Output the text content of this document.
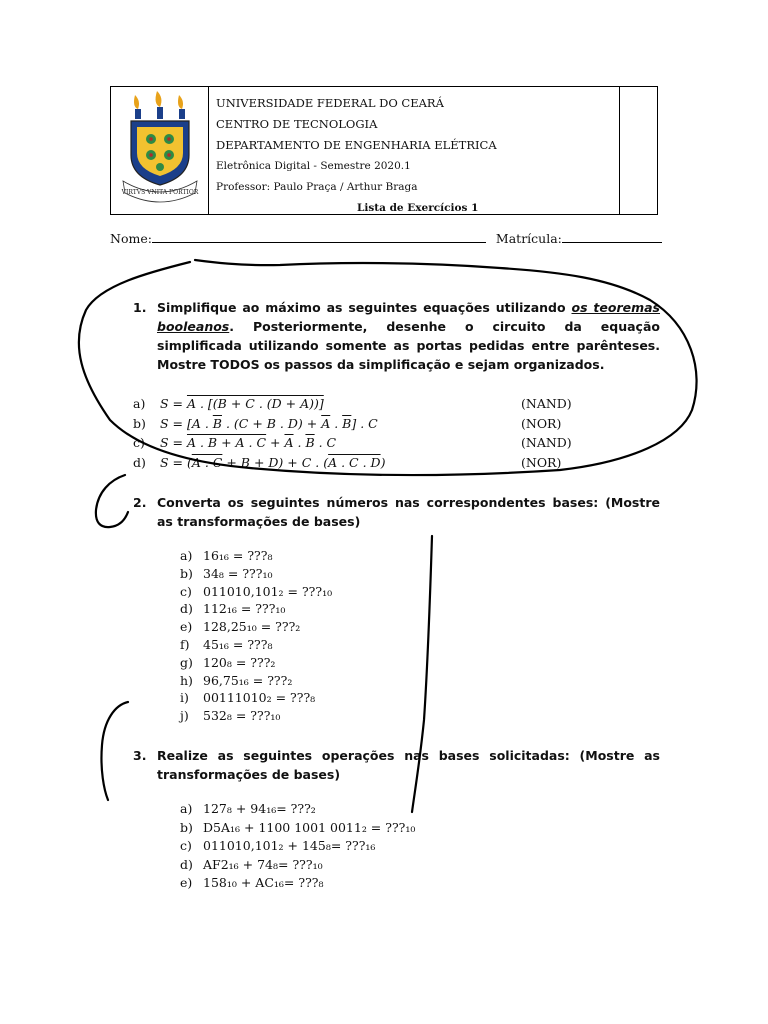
VIRTVS VNITA FORTIOR
UNIVERSIDADE FEDERAL DO CEARÁ
CENTRO DE TECNOLOGIA
DEPARTAMENTO DE ENGENHARIA ELÉTRICA
Eletrônica Digital - Semestre 2020.1
Professor: Paulo Praça / Arthur Braga
Lista de Exercícios 1
Nome:	Matrícula:
1. Simplifique ao máximo as seguintes equações utilizando os teoremas booleanos. Posteriormente, desenhe o circuito da equação simplificada utilizando somente as portas pedidas entre parênteses. Mostre TODOS os passos da simplificação e sejam organizados.
a) S = A . [(B + C . (D + A))]	(NAND)
b) S = [A . $\overline{B}$ . (C + B . $D) + \overline{A}$ . $\overline{B}$] . C	(NOR)
c) S = A . B + A . $C + \overline{A}$ . $\overline{B}$ . C	(NAND)
d) S = (A . C + B + D) + C . (A . C . D)	(NOR)
2. Converta os seguintes números nas correspondentes bases: (Mostre as transformações de bases)
a) 16₁₆ = ???₈
b) 34₈ = ???₁₀
c) 011010,101₂ = ???₁₀
d) 112₁₆ = ???₁₀
e) 128,25₁₀ = ???₂
f) 45₁₆ = ???₈
g) 120₈ = ???₂
h) 96,75₁₆ = ???₂
i) 00111010₂ = ???₈
j) 532₈ = ???₁₀
3. Realize as seguintes operações nas bases solicitadas: (Mostre as transformações de bases)
a) 127₈ + 94₁₆= ???₂
b) D5A₁₆ + 1100 1001 0011₂ = ???₁₀
c) 011010,101₂ + 145₈= ???₁₆
d) AF2₁₆ + 74₈= ???₁₀
e) 158₁₀ + AC₁₆= ???₈
